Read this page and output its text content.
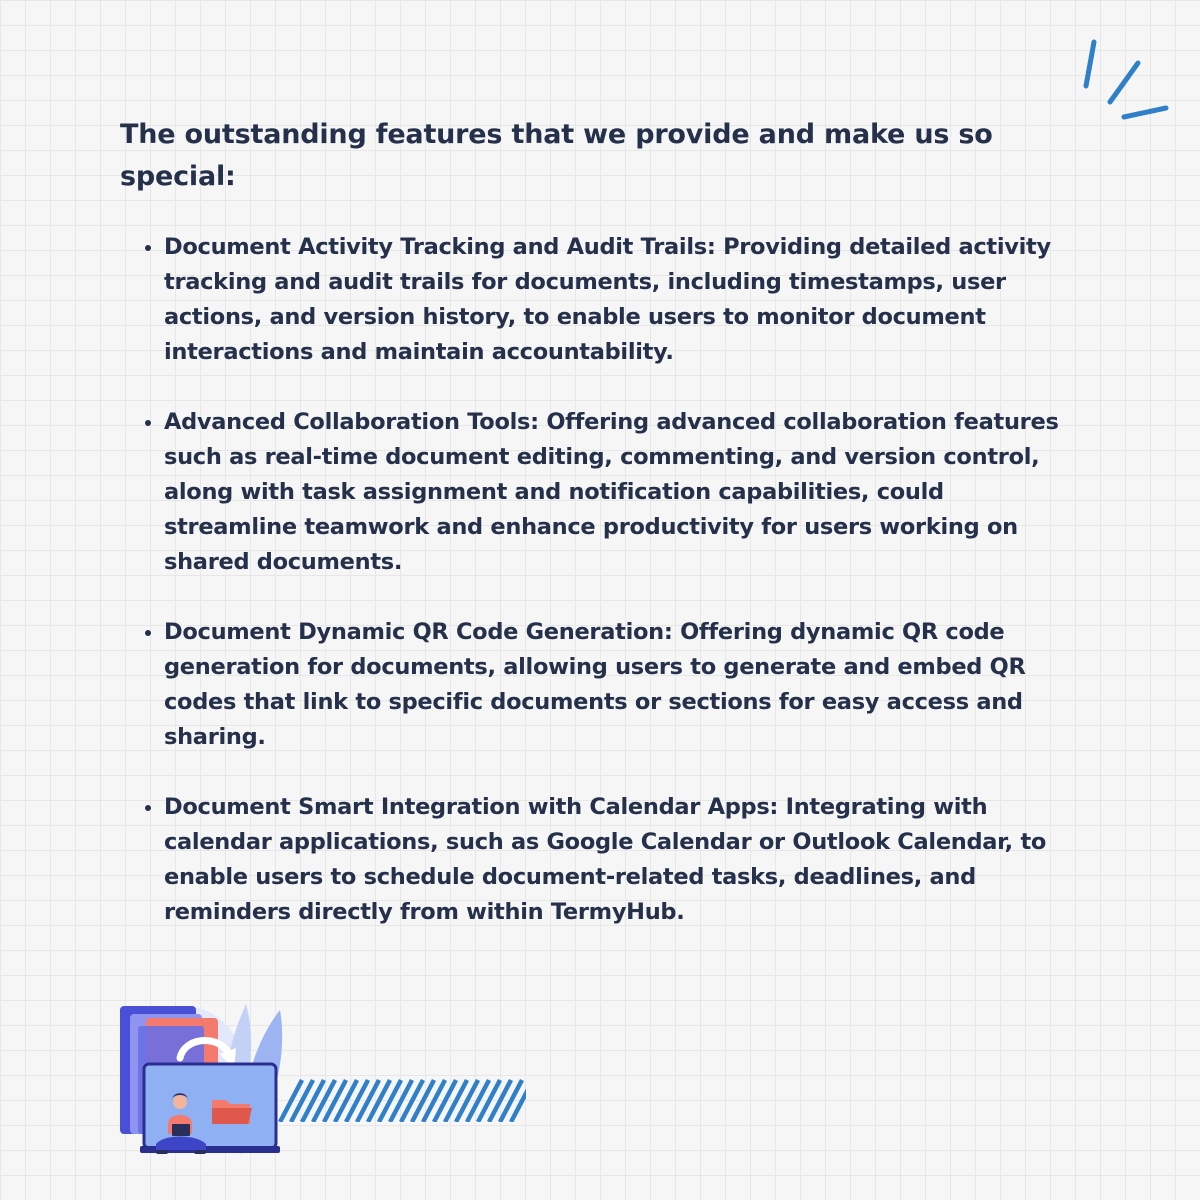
The outstanding features that we provide and make us so special:
• Document Activity Tracking and Audit Trails: Providing detailed activity tracking and audit trails for documents, including timestamps, user actions, and version history, to enable users to monitor document interactions and maintain accountability.
• Advanced Collaboration Tools: Offering advanced collaboration features such as real-time document editing, commenting, and version control, along with task assignment and notification capabilities, could streamline teamwork and enhance productivity for users working on shared documents.
• Document Dynamic QR Code Generation: Offering dynamic QR code generation for documents, allowing users to generate and embed QR codes that link to specific documents or sections for easy access and sharing.
• Document Smart Integration with Calendar Apps: Integrating with calendar applications, such as Google Calendar or Outlook Calendar, to enable users to schedule document-related tasks, deadlines, and reminders directly from within TermyHub.
